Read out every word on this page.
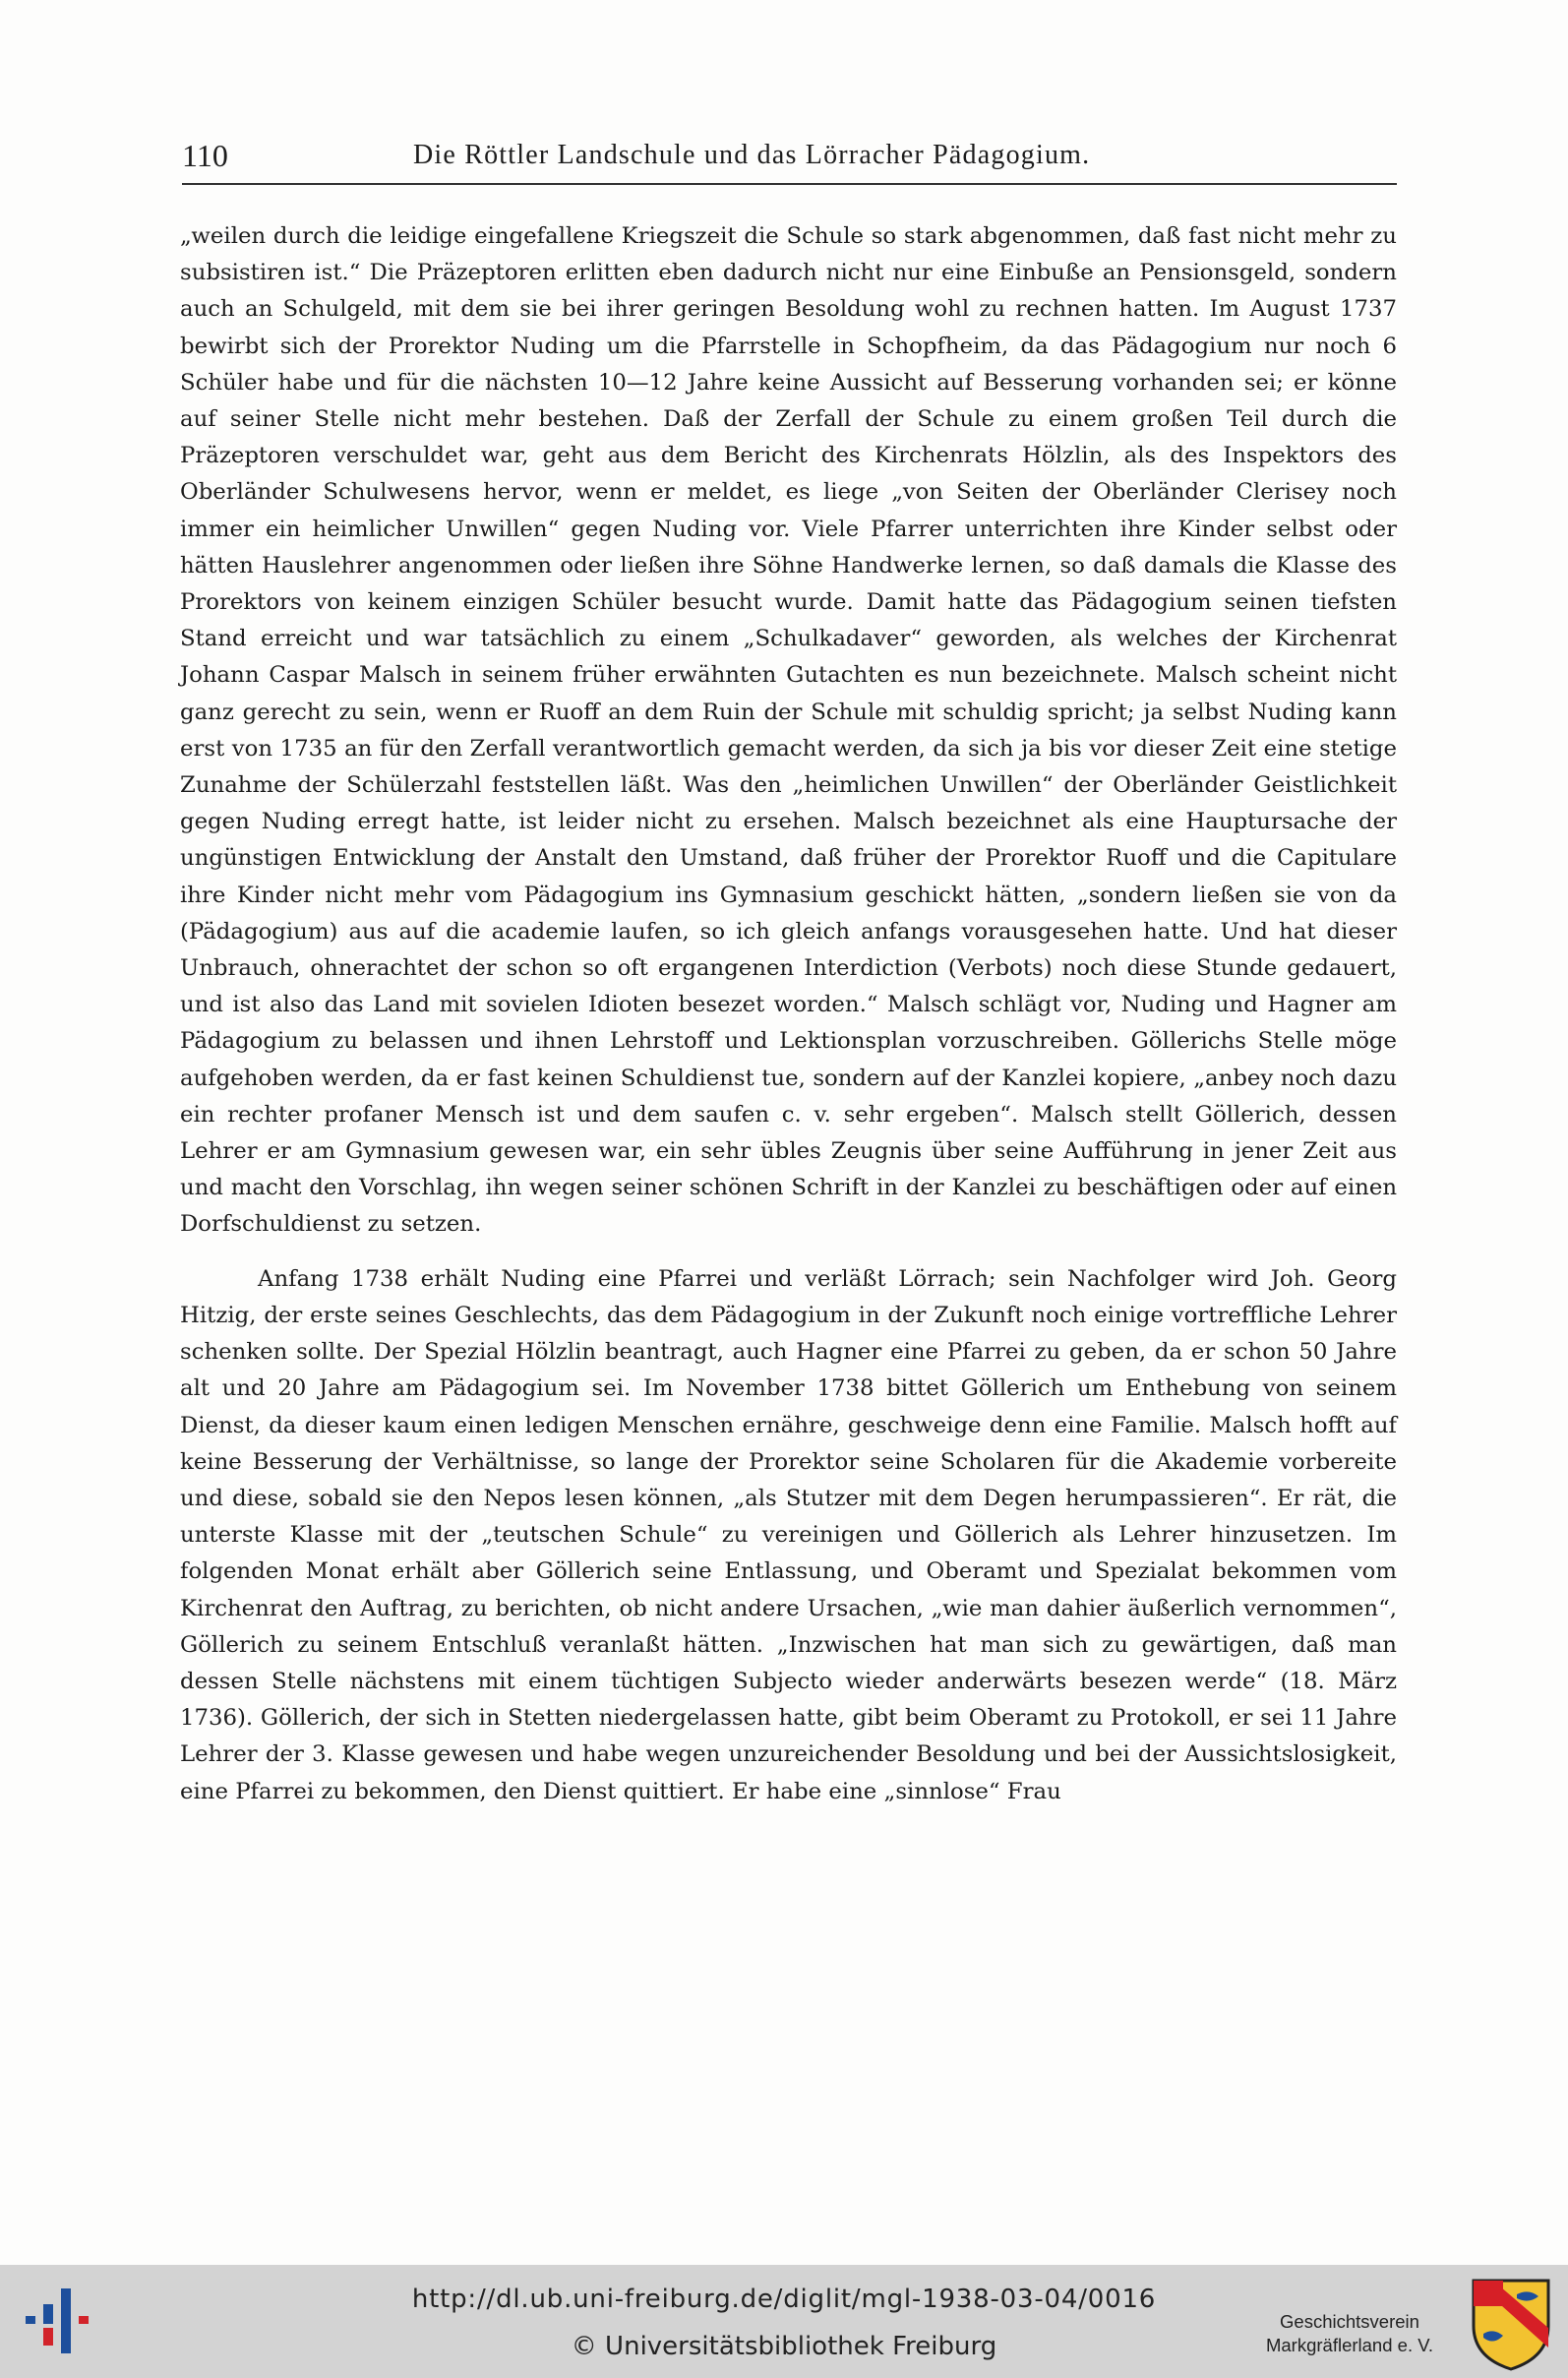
110	Die Röttler Landschule und das Lörracher Pädagogium.

„weilen durch die leidige eingefallene Kriegszeit die Schule so stark abgenommen, daß fast nicht mehr zu subsistiren ist.“ Die Präzeptoren erlitten eben dadurch nicht nur eine Einbuße an Pensionsgeld, sondern auch an Schulgeld, mit dem sie bei ihrer geringen Besoldung wohl zu rechnen hatten. Im August 1737 bewirbt sich der Prorektor Nuding um die Pfarrstelle in Schopfheim, da das Pädagogium nur noch 6 Schüler habe und für die nächsten 10—12 Jahre keine Aussicht auf Besserung vorhanden sei; er könne auf seiner Stelle nicht mehr bestehen. Daß der Zerfall der Schule zu einem großen Teil durch die Präzeptoren verschuldet war, geht aus dem Bericht des Kirchenrats Hölzlin, als des Inspektors des Oberländer Schulwesens hervor, wenn er meldet, es liege „von Seiten der Oberländer Clerisey noch immer ein heimlicher Unwillen“ gegen Nuding vor. Viele Pfarrer unterrichten ihre Kinder selbst oder hätten Hauslehrer angenommen oder ließen ihre Söhne Handwerke lernen, so daß damals die Klasse des Prorektors von keinem einzigen Schüler besucht wurde. Damit hatte das Pädagogium seinen tiefsten Stand erreicht und war tatsächlich zu einem „Schulkadaver“ geworden, als welches der Kirchenrat Johann Caspar Malsch in seinem früher erwähnten Gutachten es nun bezeichnete. Malsch scheint nicht ganz gerecht zu sein, wenn er Ruoff an dem Ruin der Schule mit schuldig spricht; ja selbst Nuding kann erst von 1735 an für den Zerfall verantwortlich gemacht werden, da sich ja bis vor dieser Zeit eine stetige Zunahme der Schülerzahl feststellen läßt. Was den „heimlichen Unwillen“ der Oberländer Geistlichkeit gegen Nuding erregt hatte, ist leider nicht zu ersehen. Malsch bezeichnet als eine Hauptursache der ungünstigen Entwicklung der Anstalt den Umstand, daß früher der Prorektor Ruoff und die Capitulare ihre Kinder nicht mehr vom Pädagogium ins Gymnasium geschickt hätten, „sondern ließen sie von da (Pädagogium) aus auf die academie laufen, so ich gleich anfangs vorausgesehen hatte. Und hat dieser Unbrauch, ohnerachtet der schon so oft ergangenen Interdiction (Verbots) noch diese Stunde gedauert, und ist also das Land mit sovielen Idioten besezet worden.“ Malsch schlägt vor, Nuding und Hagner am Pädagogium zu belassen und ihnen Lehrstoff und Lektionsplan vorzuschreiben. Göllerichs Stelle möge aufgehoben werden, da er fast keinen Schuldienst tue, sondern auf der Kanzlei kopiere, „anbey noch dazu ein rechter profaner Mensch ist und dem saufen c. v. sehr ergeben“. Malsch stellt Göllerich, dessen Lehrer er am Gymnasium gewesen war, ein sehr übles Zeugnis über seine Aufführung in jener Zeit aus und macht den Vorschlag, ihn wegen seiner schönen Schrift in der Kanzlei zu beschäftigen oder auf einen Dorfschuldienst zu setzen.

Anfang 1738 erhält Nuding eine Pfarrei und verläßt Lörrach; sein Nachfolger wird Joh. Georg Hitzig, der erste seines Geschlechts, das dem Pädagogium in der Zukunft noch einige vortreffliche Lehrer schenken sollte. Der Spezial Hölzlin beantragt, auch Hagner eine Pfarrei zu geben, da er schon 50 Jahre alt und 20 Jahre am Pädagogium sei. Im November 1738 bittet Göllerich um Enthebung von seinem Dienst, da dieser kaum einen ledigen Menschen ernähre, geschweige denn eine Familie. Malsch hofft auf keine Besserung der Verhältnisse, so lange der Prorektor seine Scholaren für die Akademie vorbereite und diese, sobald sie den Nepos lesen können, „als Stutzer mit dem Degen herumpassieren“. Er rät, die unterste Klasse mit der „teutschen Schule“ zu vereinigen und Göllerich als Lehrer hinzusetzen. Im folgenden Monat erhält aber Göllerich seine Entlassung, und Oberamt und Spezialat bekommen vom Kirchenrat den Auftrag, zu berichten, ob nicht andere Ursachen, „wie man dahier äußerlich vernommen“, Göllerich zu seinem Entschluß veranlaßt hätten. „Inzwischen hat man sich zu gewärtigen, daß man dessen Stelle nächstens mit einem tüchtigen Subjecto wieder anderwärts besezen werde“ (18. März 1736). Göllerich, der sich in Stetten niedergelassen hatte, gibt beim Oberamt zu Protokoll, er sei 11 Jahre Lehrer der 3. Klasse gewesen und habe wegen unzureichender Besoldung und bei der Aussichtslosigkeit, eine Pfarrei zu bekommen, den Dienst quittiert. Er habe eine „sinnlose“ Frau

http://dl.ub.uni-freiburg.de/diglit/mgl-1938-03-04/0016
© Universitätsbibliothek Freiburg
Geschichtsverein
Markgräflerland e. V.
